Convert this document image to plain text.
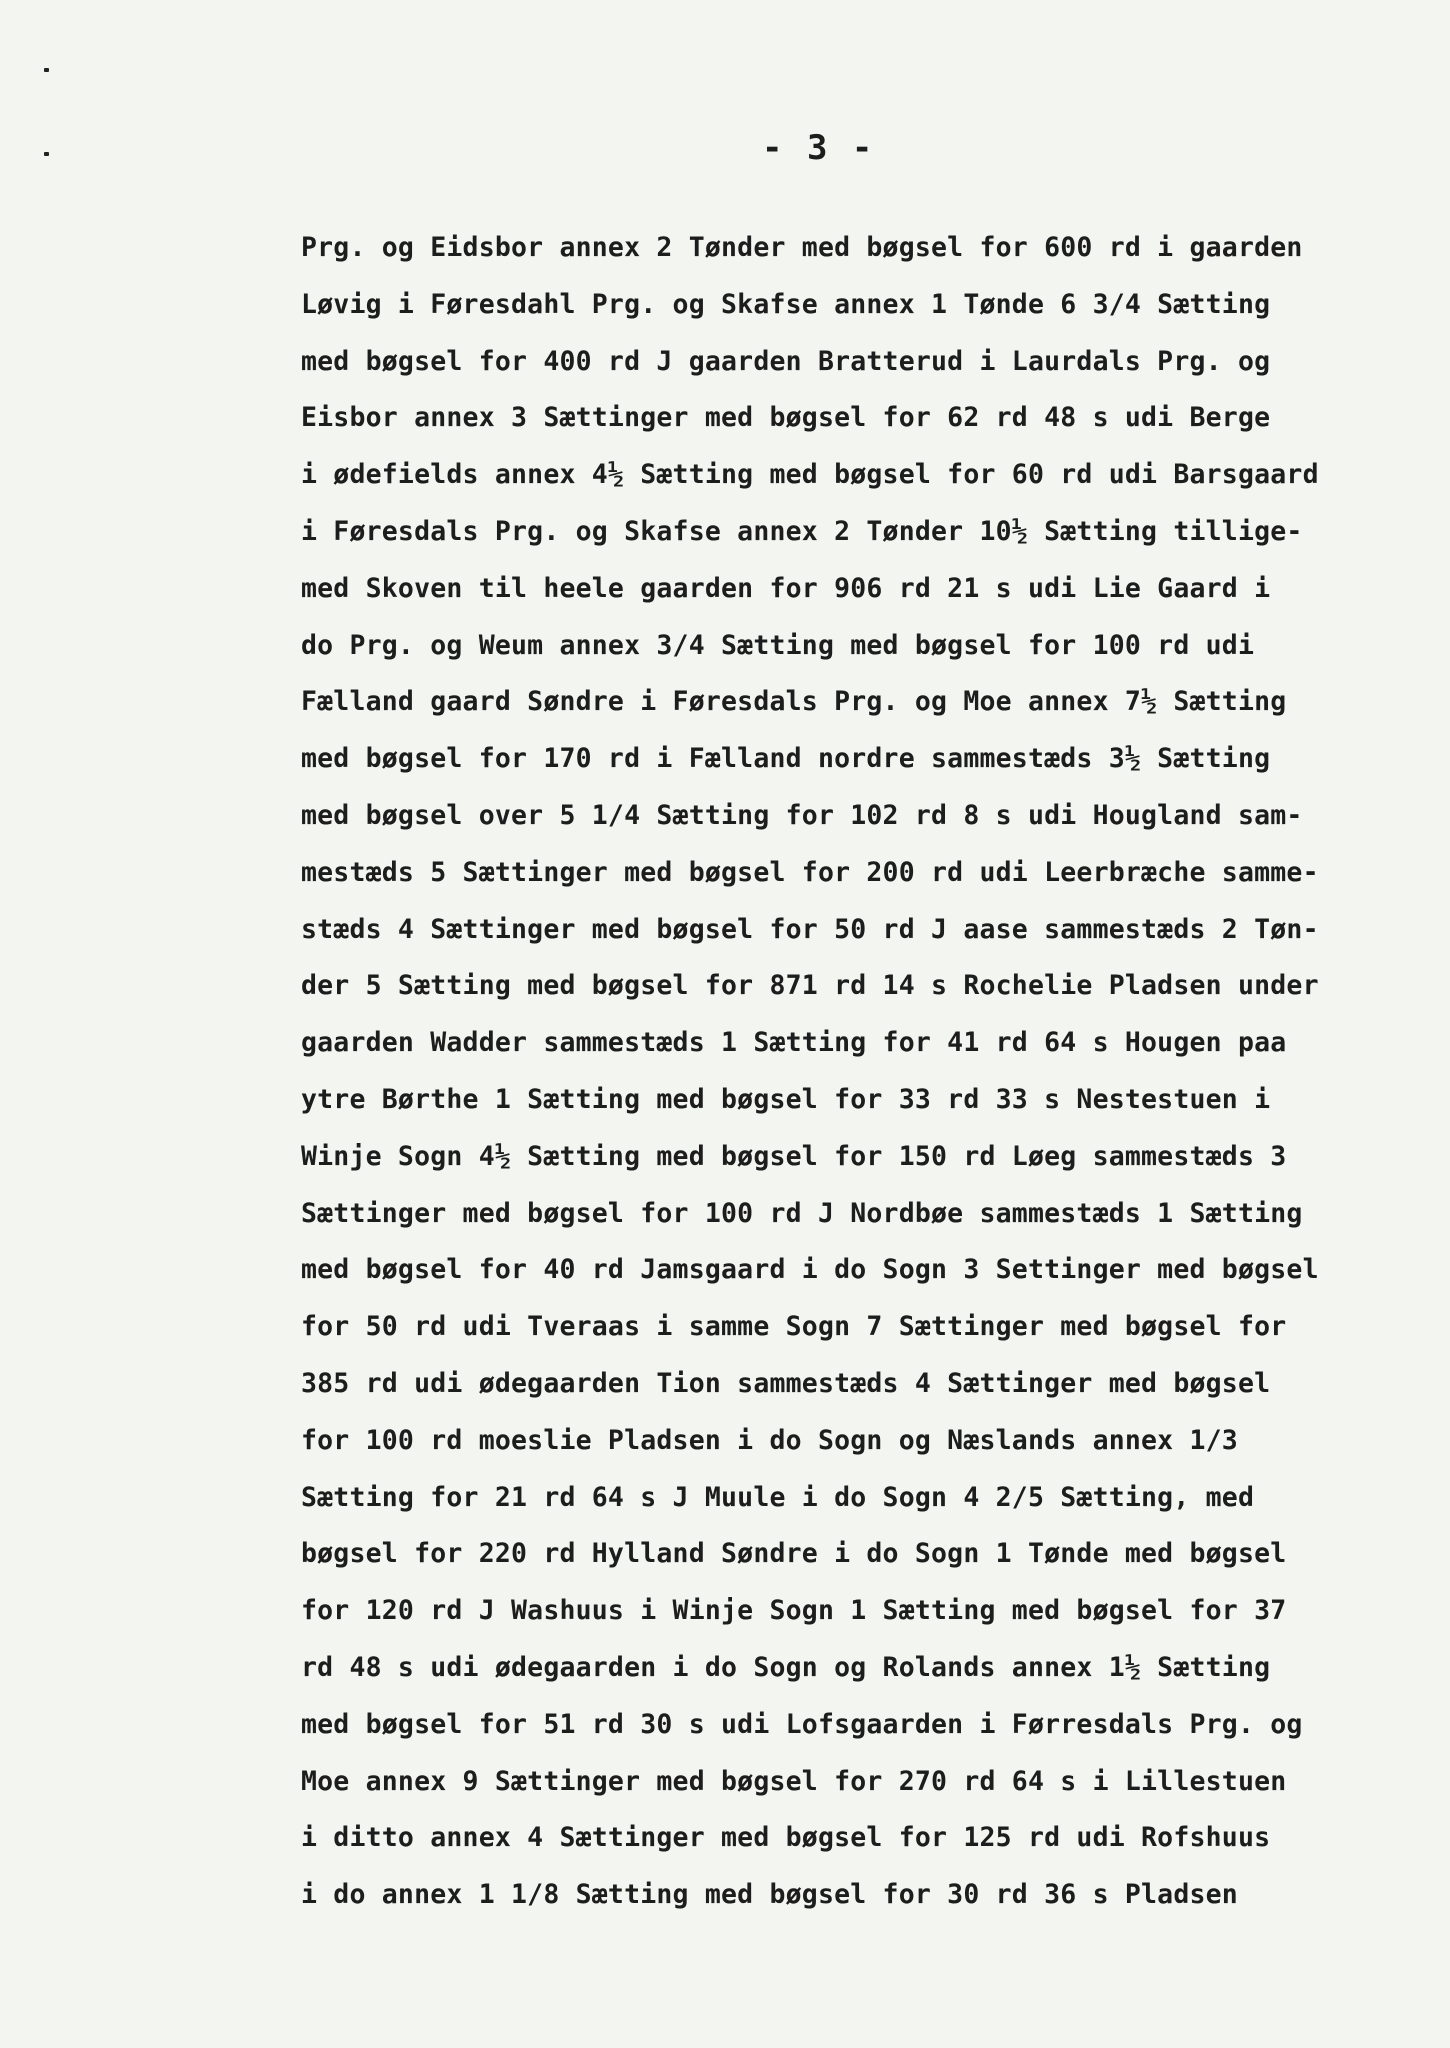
- 3 -
Prg. og Eidsbor annex 2 Tønder med bøgsel for 600 rd i gaarden
Løvig i Føresdahl Prg. og Skafse annex 1 Tønde 6 3/4 Sætting
med bøgsel for 400 rd J gaarden Bratterud i Laurdals Prg. og
Eisbor annex 3 Sættinger med bøgsel for 62 rd 48 s udi Berge
i ødefields annex 4½ Sætting med bøgsel for 60 rd udi Barsgaard
i Føresdals Prg. og Skafse annex 2 Tønder 10½ Sætting tillige-
med Skoven til heele gaarden for 906 rd 21 s udi Lie Gaard i
do Prg. og Weum annex 3/4 Sætting med bøgsel for 100 rd udi
Fælland gaard Søndre i Føresdals Prg. og Moe annex 7½ Sætting
med bøgsel for 170 rd i Fælland nordre sammestæds 3½ Sætting
med bøgsel over 5 1/4 Sætting for 102 rd 8 s udi Hougland sam-
mestæds 5 Sættinger med bøgsel for 200 rd udi Leerbræche samme-
stæds 4 Sættinger med bøgsel for 50 rd J aase sammestæds 2 Tøn-
der 5 Sætting med bøgsel for 871 rd 14 s Rochelie Pladsen under
gaarden Wadder sammestæds 1 Sætting for 41 rd 64 s Hougen paa
ytre Børthe 1 Sætting med bøgsel for 33 rd 33 s Nestestuen i
Winje Sogn 4½ Sætting med bøgsel for 150 rd Løeg sammestæds 3
Sættinger med bøgsel for 100 rd J Nordbøe sammestæds 1 Sætting
med bøgsel for 40 rd Jamsgaard i do Sogn 3 Settinger med bøgsel
for 50 rd udi Tveraas i samme Sogn 7 Sættinger med bøgsel for
385 rd udi ødegaarden Tion sammestæds 4 Sættinger med bøgsel
for 100 rd moeslie Pladsen i do Sogn og Næslands annex 1/3
Sætting for 21 rd 64 s J Muule i do Sogn 4 2/5 Sætting, med
bøgsel for 220 rd Hylland Søndre i do Sogn 1 Tønde med bøgsel
for 120 rd J Washuus i Winje Sogn 1 Sætting med bøgsel for 37
rd 48 s udi ødegaarden i do Sogn og Rolands annex 1½ Sætting
med bøgsel for 51 rd 30 s udi Lofsgaarden i Førresdals Prg. og
Moe annex 9 Sættinger med bøgsel for 270 rd 64 s i Lillestuen
i ditto annex 4 Sættinger med bøgsel for 125 rd udi Rofshuus
i do annex 1 1/8 Sætting med bøgsel for 30 rd 36 s Pladsen
